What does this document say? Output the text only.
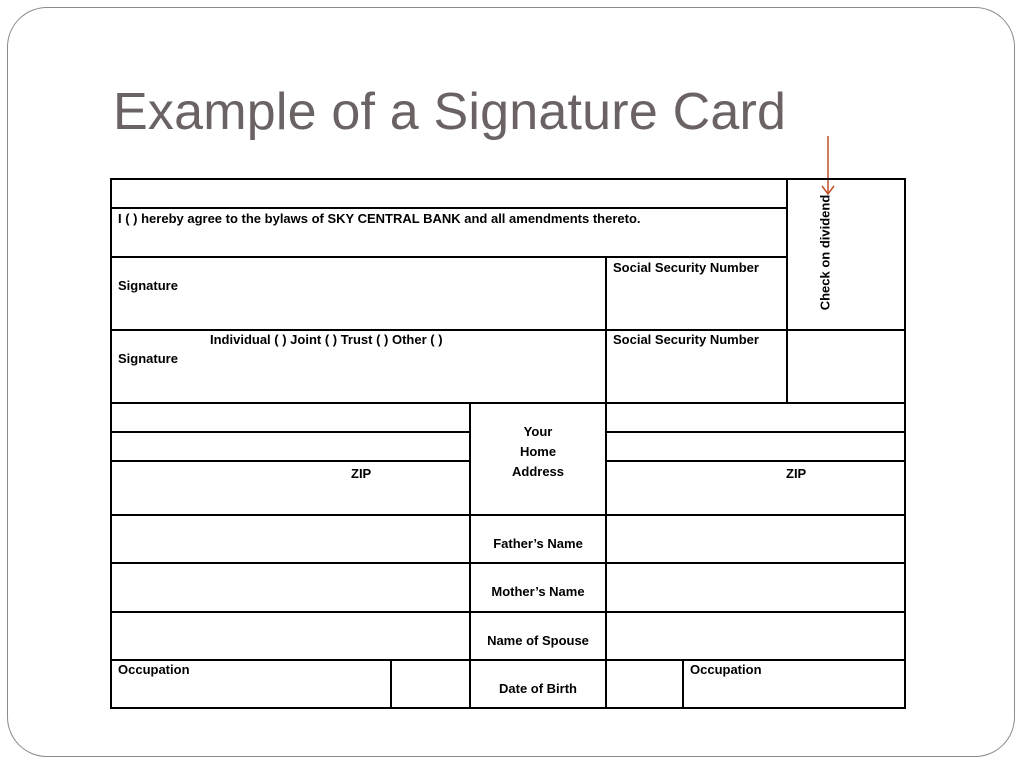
Example of a Signature Card
I ( ) hereby agree to the bylaws of SKY CENTRAL BANK and all amendments thereto.	Check on dividend
Signature
Social Security Number
Individual ( ) Joint ( ) Trust ( ) Other ( )
Signature
Social Security Number
Your
Home
Address
ZIP	ZIP
Father’s Name
Mother’s Name
Name of Spouse
Occupation
Date of Birth
Occupation
